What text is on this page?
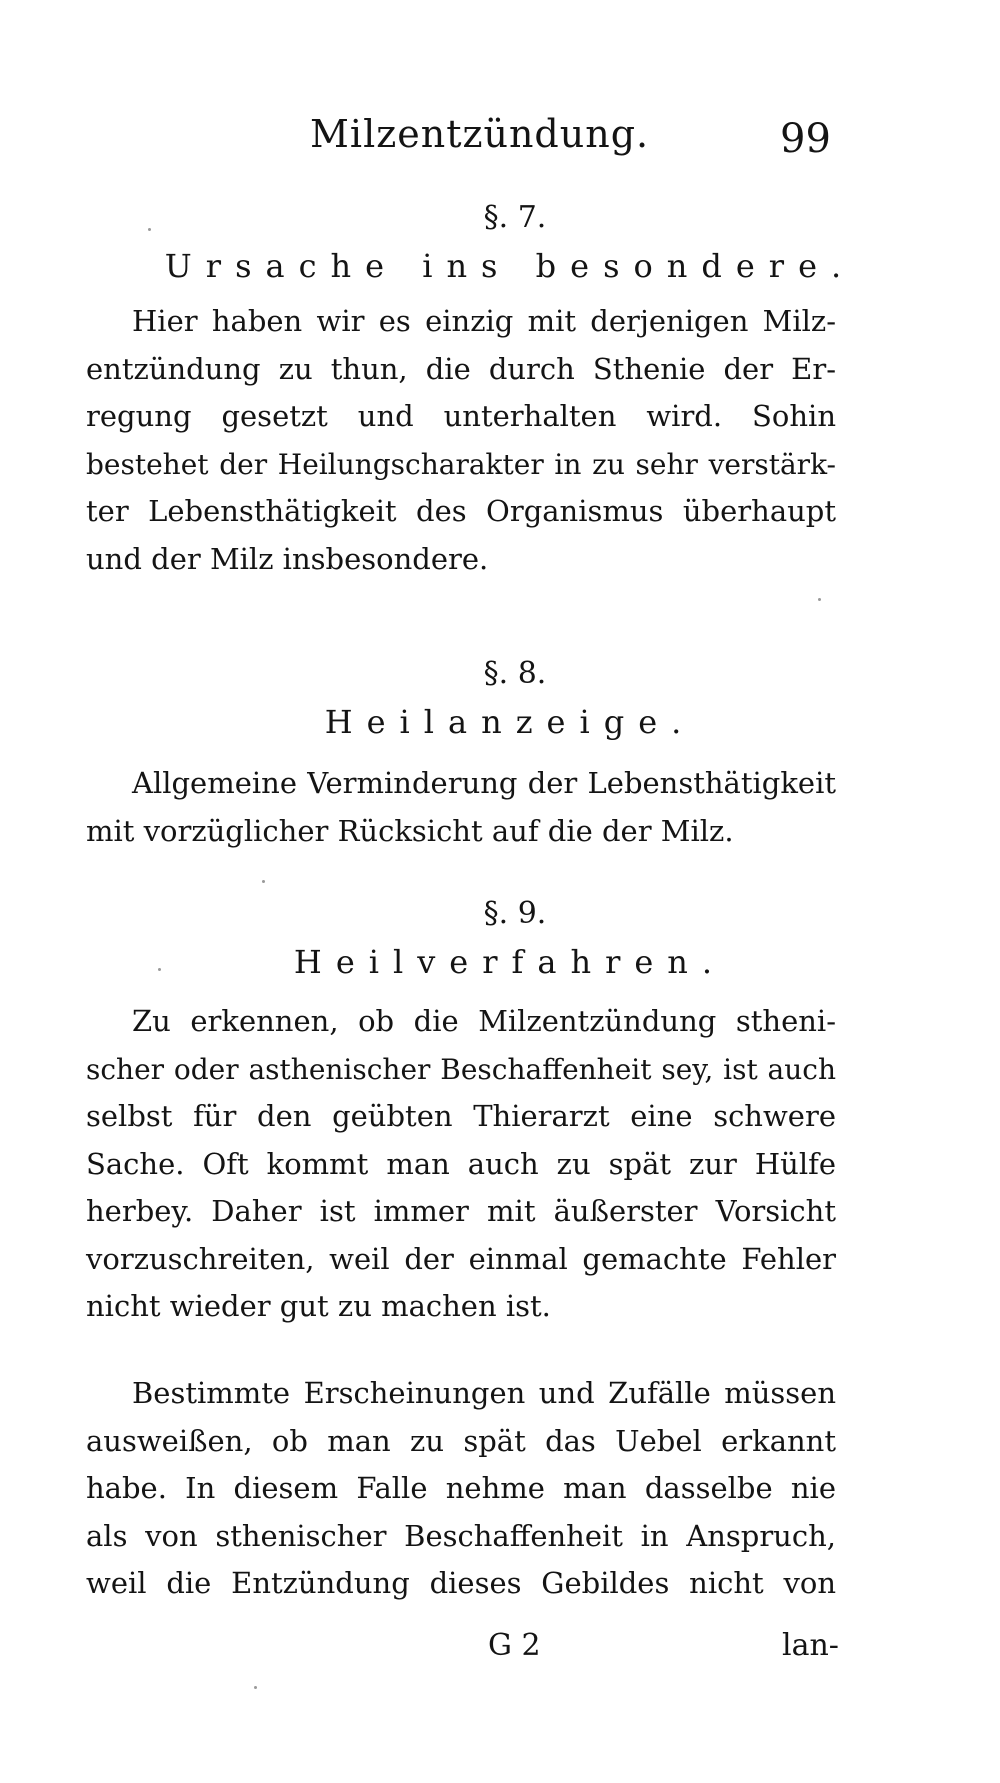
Milzentzündung.	99
§. 7.
Ursache ins besondere.
Hier haben wir es einzig mit derjenigen Milz-
entzündung zu thun, die durch Sthenie der Er-
regung gesetzt und unterhalten wird. Sohin
bestehet der Heilungscharakter in zu sehr verstärk-
ter Lebensthätigkeit des Organismus überhaupt
und der Milz insbesondere.
§. 8.
Heilanzeige.
Allgemeine Verminderung der Lebensthätigkeit
mit vorzüglicher Rücksicht auf die der Milz.
§. 9.
Heilverfahren.
Zu erkennen, ob die Milzentzündung stheni-
scher oder asthenischer Beschaffenheit sey, ist auch
selbst für den geübten Thierarzt eine schwere
Sache. Oft kommt man auch zu spät zur Hülfe
herbey. Daher ist immer mit äußerster Vorsicht
vorzuschreiten, weil der einmal gemachte Fehler
nicht wieder gut zu machen ist.
Bestimmte Erscheinungen und Zufälle müssen
ausweißen, ob man zu spät das Uebel erkannt
habe. In diesem Falle nehme man dasselbe nie
als von sthenischer Beschaffenheit in Anspruch,
weil die Entzündung dieses Gebildes nicht von
G 2	lan-
